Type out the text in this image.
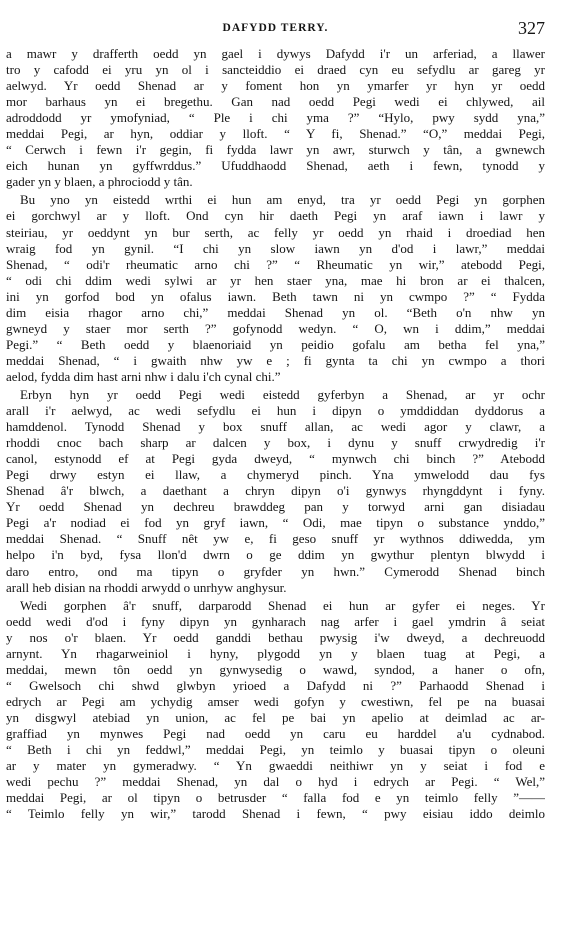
DAFYDD TERRY.	327
a mawr y drafferth oedd yn gael i dywys Dafydd i'r un arferiad, a llawer
tro y cafodd ei yru yn ol i sancteiddio ei draed cyn eu sefydlu ar gareg yr
aelwyd. Yr oedd Shenad ar y foment hon yn ymarfer yr hyn yr oedd
mor barhaus yn ei bregethu. Gan nad oedd Pegi wedi ei chlywed, ail
adroddodd yr ymofyniad, “ Ple i chi yma ?” “Hylo, pwy sydd yna,”
meddai Pegi, ar hyn, oddiar y lloft. “ Y fi, Shenad.” “O,” meddai Pegi,
“ Cerwch i fewn i'r gegin, fi fydda lawr yn awr, sturwch y tân, a gwnewch
eich hunan yn gyffwrddus.” Ufuddhaodd Shenad, aeth i fewn, tynodd y
gader yn y blaen, a phrociodd y tân.
Bu yno yn eistedd wrthi ei hun am enyd, tra yr oedd Pegi yn gorphen
ei gorchwyl ar y lloft. Ond cyn hir daeth Pegi yn araf iawn i lawr y
steiriau, yr oeddynt yn bur serth, ac felly yr oedd yn rhaid i droediad hen
wraig fod yn gynil. “I chi yn slow iawn yn d'od i lawr,” meddai
Shenad, “ odi'r rheumatic arno chi ?” “ Rheumatic yn wir,” atebodd Pegi,
“ odi chi ddim wedi sylwi ar yr hen staer yna, mae hi bron ar ei thalcen,
ini yn gorfod bod yn ofalus iawn. Beth tawn ni yn cwmpo ?” “ Fydda
dim eisia rhagor arno chi,” meddai Shenad yn ol. “Beth o'n nhw yn
gwneyd y staer mor serth ?” gofynodd wedyn. “ O, wn i ddim,” meddai
Pegi.” “ Beth oedd y blaenoriaid yn peidio gofalu am betha fel yna,”
meddai Shenad, “ i gwaith nhw yw e ; fi gynta ta chi yn cwmpo a thori
aelod, fydda dim hast arni nhw i dalu i'ch cynal chi.”
Erbyn hyn yr oedd Pegi wedi eistedd gyferbyn a Shenad, ar yr ochr
arall i'r aelwyd, ac wedi sefydlu ei hun i dipyn o ymddiddan dyddorus a
hamddenol. Tynodd Shenad y box snuff allan, ac wedi agor y clawr, a
rhoddi cnoc bach sharp ar dalcen y box, i dynu y snuff crwydredig i'r
canol, estynodd ef at Pegi gyda dweyd, “ mynwch chi binch ?” Atebodd
Pegi drwy estyn ei llaw, a chymeryd pinch. Yna ymwelodd dau fys
Shenad â'r blwch, a daethant a chryn dipyn o'i gynwys rhyngddynt i fyny.
Yr oedd Shenad yn dechreu brawddeg pan y torwyd arni gan disiadau
Pegi a'r nodiad ei fod yn gryf iawn, “ Odi, mae tipyn o substance ynddo,”
meddai Shenad. “ Snuff nêt yw e, fi geso snuff yr wythnos ddiwedda, ym
helpo i'n byd, fysa llon'd dwrn o ge ddim yn gwythur plentyn blwydd i
daro entro, ond ma tipyn o gryfder yn hwn.” Cymerodd Shenad binch
arall heb disian na rhoddi arwydd o unrhyw anghysur.
Wedi gorphen â'r snuff, darparodd Shenad ei hun ar gyfer ei neges. Yr
oedd wedi d'od i fyny dipyn yn gynharach nag arfer i gael ymdrin â seiat
y nos o'r blaen. Yr oedd ganddi bethau pwysig i'w dweyd, a dechreuodd
arnynt. Yn rhagarweiniol i hyny, plygodd yn y blaen tuag at Pegi, a
meddai, mewn tôn oedd yn gynwysedig o wawd, syndod, a haner o ofn,
“ Gwelsoch chi shwd glwbyn yrioed a Dafydd ni ?” Parhaodd Shenad i
edrych ar Pegi am ychydig amser wedi gofyn y cwestiwn, fel pe na buasai
yn disgwyl atebiad yn union, ac fel pe bai yn apelio at deimlad ac ar-
graffiad yn mynwes Pegi nad oedd yn caru eu harddel a'u cydnabod.
“ Beth i chi yn feddwl,” meddai Pegi, yn teimlo y buasai tipyn o oleuni
ar y mater yn gymeradwy. “ Yn gwaeddi neithiwr yn y seiat i fod e
wedi pechu ?” meddai Shenad, yn dal o hyd i edrych ar Pegi. “ Wel,”
meddai Pegi, ar ol tipyn o betrusder “ falla fod e yn teimlo felly ”——
“ Teimlo felly yn wir,” tarodd Shenad i fewn, “ pwy eisiau iddo deimlo
